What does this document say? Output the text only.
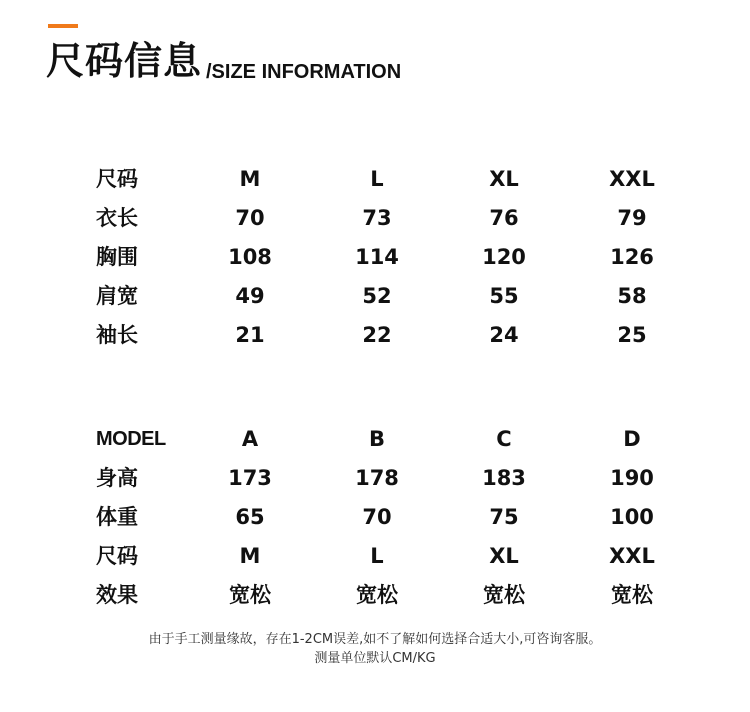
尺码信息 /SIZE INFORMATION
尺码	M	L	XL	XXL
衣长	70	73	76	79
胸围	108	114	120	126
肩宽	49	52	55	58
袖长	21	22	24	25
MODEL	A	B	C	D
身高	173	178	183	190
体重	65	70	75	100
尺码	M	L	XL	XXL
效果	宽松	宽松	宽松	宽松
由于手工测量缘故，存在1-2CM误差,如不了解如何选择合适大小,可咨询客服。
测量单位默认CM/KG
